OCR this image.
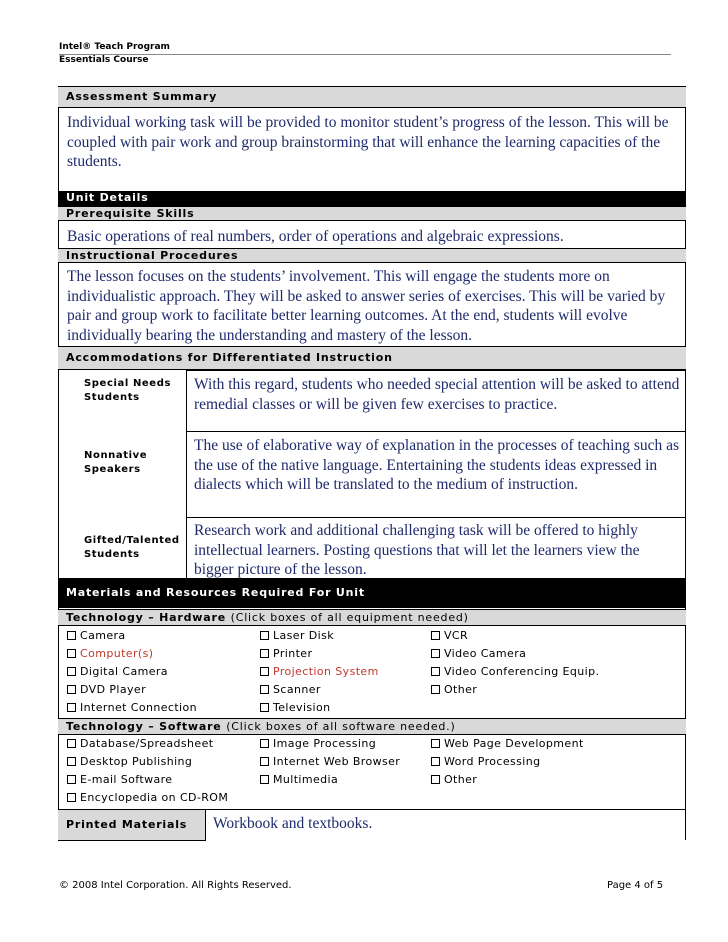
Intel® Teach Program
Essentials Course
Assessment Summary
Individual working task will be provided to monitor student’s progress of the lesson. This will be coupled with pair work and group brainstorming that will enhance the learning capacities of the students.
Unit Details
Prerequisite Skills
Basic operations of real numbers, order of operations and algebraic expressions.
Instructional Procedures
The lesson focuses on the students’ involvement. This will engage the students more on individualistic approach. They will be asked to answer series of exercises. This will be varied by pair and group work to facilitate better learning outcomes. At the end, students will evolve individually bearing the understanding and mastery of the lesson.
Accommodations for Differentiated Instruction
Special Needs Students
With this regard, students who needed special attention will be asked to attend remedial classes or will be given few exercises to practice.
Nonnative Speakers
The use of elaborative way of explanation in the processes of teaching such as the use of the native language. Entertaining the students ideas expressed in dialects which will be translated to the medium of instruction.
Gifted/Talented Students
Research work and additional challenging task will be offered to highly intellectual learners. Posting questions that will let the learners view the bigger picture of the lesson.
Materials and Resources Required For Unit
Technology – Hardware (Click boxes of all equipment needed)
Camera
Computer(s)
Digital Camera
DVD Player
Internet Connection
Laser Disk
Printer
Projection System
Scanner
Television
VCR
Video Camera
Video Conferencing Equip.
Other
Technology – Software (Click boxes of all software needed.)
Database/Spreadsheet
Desktop Publishing
E-mail Software
Encyclopedia on CD-ROM
Image Processing
Internet Web Browser
Multimedia
Web Page Development
Word Processing
Other
Printed Materials	Workbook and textbooks.
© 2008 Intel Corporation. All Rights Reserved.	Page 4 of 5
